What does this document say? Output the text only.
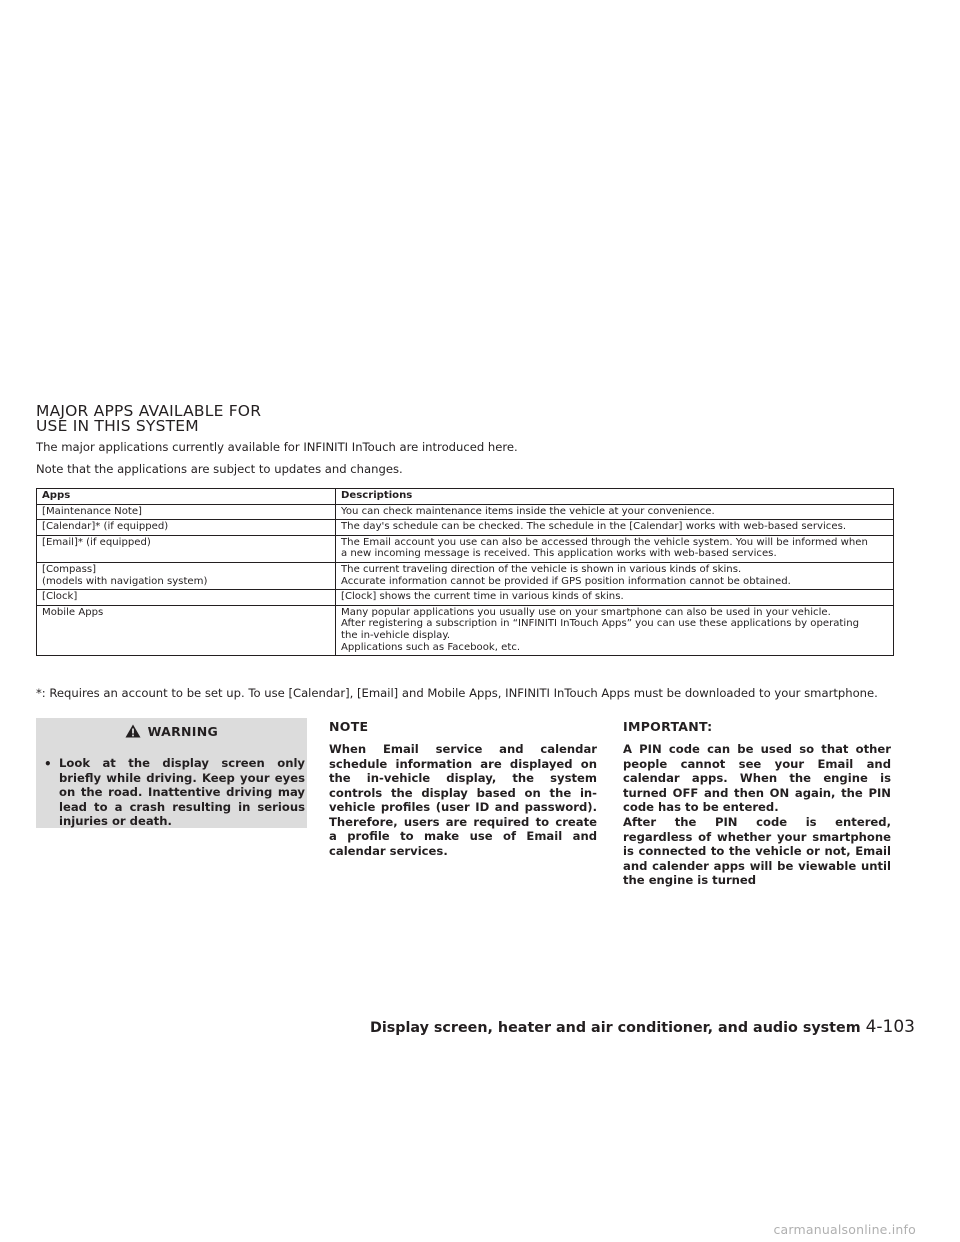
MAJOR APPS AVAILABLE FOR
USE IN THIS SYSTEM

The major applications currently available for INFINITI InTouch are introduced here.

Note that the applications are subject to updates and changes.

Apps	Descriptions

[Maintenance Note]	You can check maintenance items inside the vehicle at your convenience.

[Calendar]* (if equipped)	The day's schedule can be checked. The schedule in the [Calendar] works with web-based services.

[Email]* (if equipped)	The Email account you use can also be accessed through the vehicle system. You will be informed when
a new incoming message is received. This application works with web-based services.

[Compass]
(models with navigation system)	The current traveling direction of the vehicle is shown in various kinds of skins.
Accurate information cannot be provided if GPS position information cannot be obtained.

[Clock]	[Clock] shows the current time in various kinds of skins.

Mobile Apps	Many popular applications you usually use on your smartphone can also be used in your vehicle.
After registering a subscription in “INFINITI InTouch Apps” you can use these applications by operating
the in-vehicle display.
Applications such as Facebook, etc.

*: Requires an account to be set up. To use [Calendar], [Email] and Mobile Apps, INFINITI InTouch Apps must be downloaded to your smartphone.

WARNING
• Look at the display screen only briefly while driving. Keep your eyes on the road. Inattentive driving may lead to a crash resulting in serious injuries or death.

NOTE

When Email service and calendar schedule information are displayed on the in-vehicle display, the system controls the display based on the in-vehicle profiles (user ID and password). Therefore, users are required to create a profile to make use of Email and calendar services.

IMPORTANT:

A PIN code can be used so that other people cannot see your Email and calendar apps. When the engine is turned OFF and then ON again, the PIN code has to be entered.

After the PIN code is entered, regardless of whether your smartphone is connected to the vehicle or not, Email and calender apps will be viewable until the engine is turned

Display screen, heater and air conditioner, and audio system 4-103
carmanualsonline.info
